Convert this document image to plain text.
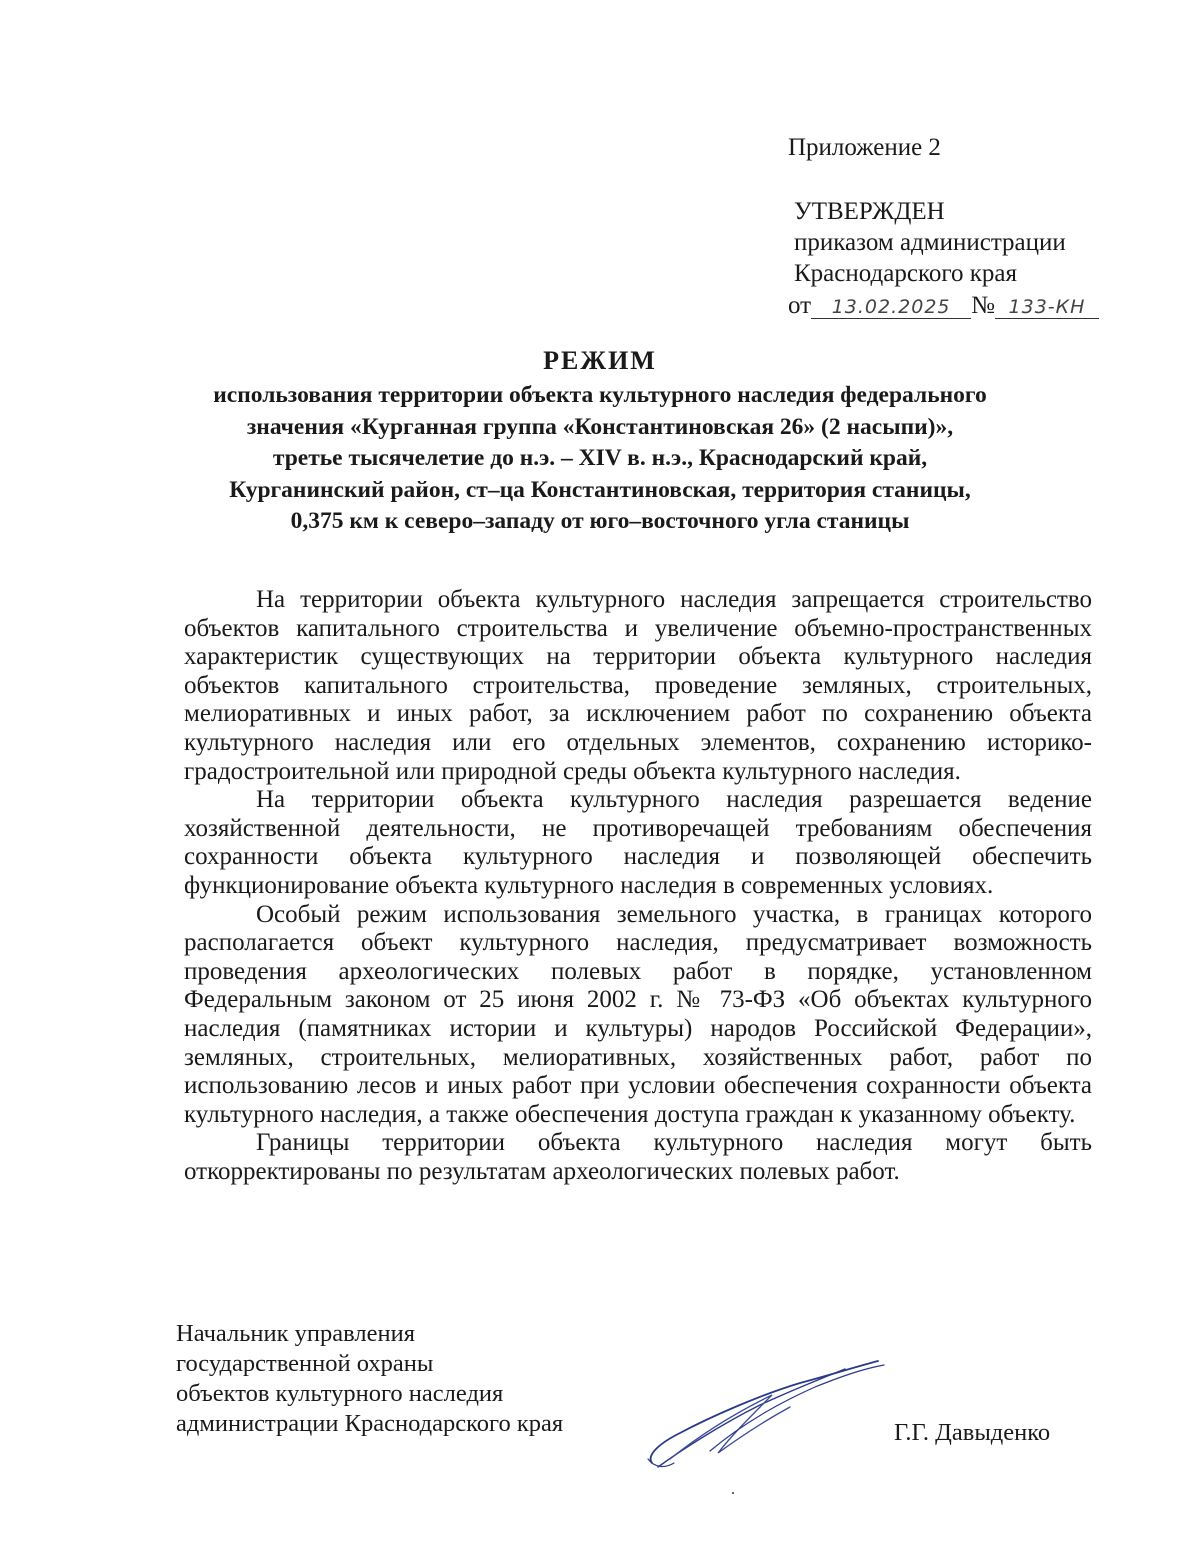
Приложение 2
УТВЕРЖДЕН
приказом администрации
Краснодарского края
от 13.02.2025 № 133-КН
РЕЖИМ
использования территории объекта культурного наследия федерального
значения «Курганная группа «Константиновская 26» (2 насыпи)»,
третье тысячелетие до н.э. – XIV в. н.э., Краснодарский край,
Курганинский район, ст–ца Константиновская, территория станицы,
0,375 км к северо–западу от юго–восточного угла станицы

На территории объекта культурного наследия запрещается строительство объектов капитального строительства и увеличение объемно-пространственных характеристик существующих на территории объекта культурного наследия объектов капитального строительства, проведение земляных, строительных, мелиоративных и иных работ, за исключением работ по сохранению объекта культурного наследия или его отдельных элементов, сохранению историко-градостроительной или природной среды объекта культурного наследия.

На территории объекта культурного наследия разрешается ведение хозяйственной деятельности, не противоречащей требованиям обеспечения сохранности объекта культурного наследия и позволяющей обеспечить функционирование объекта культурного наследия в современных условиях.

Особый режим использования земельного участка, в границах которого располагается объект культурного наследия, предусматривает возможность проведения археологических полевых работ в порядке, установленном Федеральным законом от 25 июня 2002 г. № 73-ФЗ «Об объектах культурного наследия (памятниках истории и культуры) народов Российской Федерации», земляных, строительных, мелиоративных, хозяйственных работ, работ по использованию лесов и иных работ при условии обеспечения сохранности объекта культурного наследия, а также обеспечения доступа граждан к указанному объекту.

Границы территории объекта культурного наследия могут быть откорректированы по результатам археологических полевых работ.

Начальник управления
государственной охраны
объектов культурного наследия
администрации Краснодарского края	Г.Г. Давыденко
